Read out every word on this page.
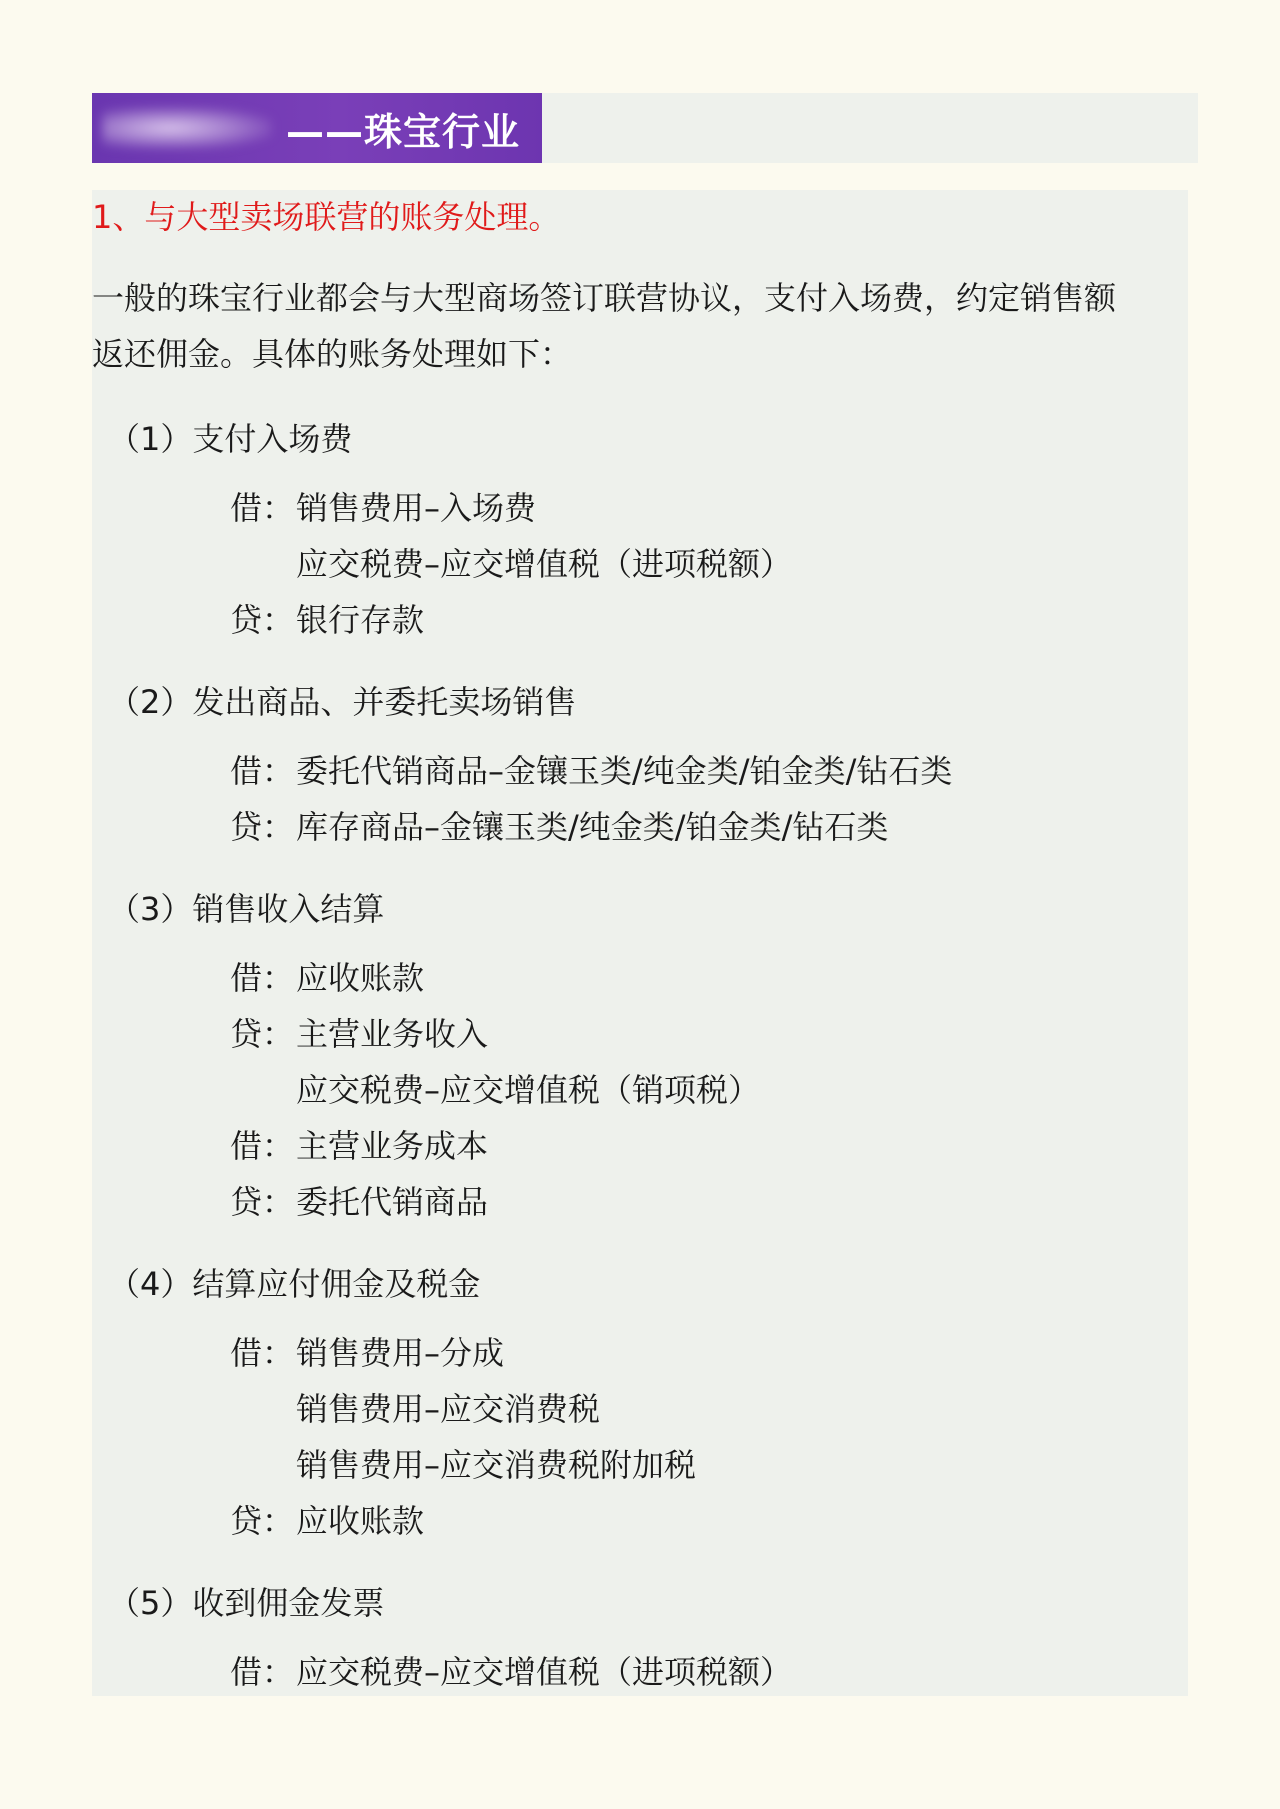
——珠宝行业
1、与大型卖场联营的账务处理。
一般的珠宝行业都会与大型商场签订联营协议，支付入场费，约定销售额
返还佣金。具体的账务处理如下：
（1）支付入场费
借： 销售费用–入场费
应交税费–应交增值税（进项税额）
贷： 银行存款
（2）发出商品、并委托卖场销售
借： 委托代销商品–金镶玉类/纯金类/铂金类/钻石类
贷： 库存商品–金镶玉类/纯金类/铂金类/钻石类
（3）销售收入结算
借： 应收账款
贷： 主营业务收入
应交税费–应交增值税（销项税）
借： 主营业务成本
贷： 委托代销商品
（4）结算应付佣金及税金
借： 销售费用–分成
销售费用–应交消费税
销售费用–应交消费税附加税
贷： 应收账款
（5）收到佣金发票
借： 应交税费–应交增值税（进项税额）
